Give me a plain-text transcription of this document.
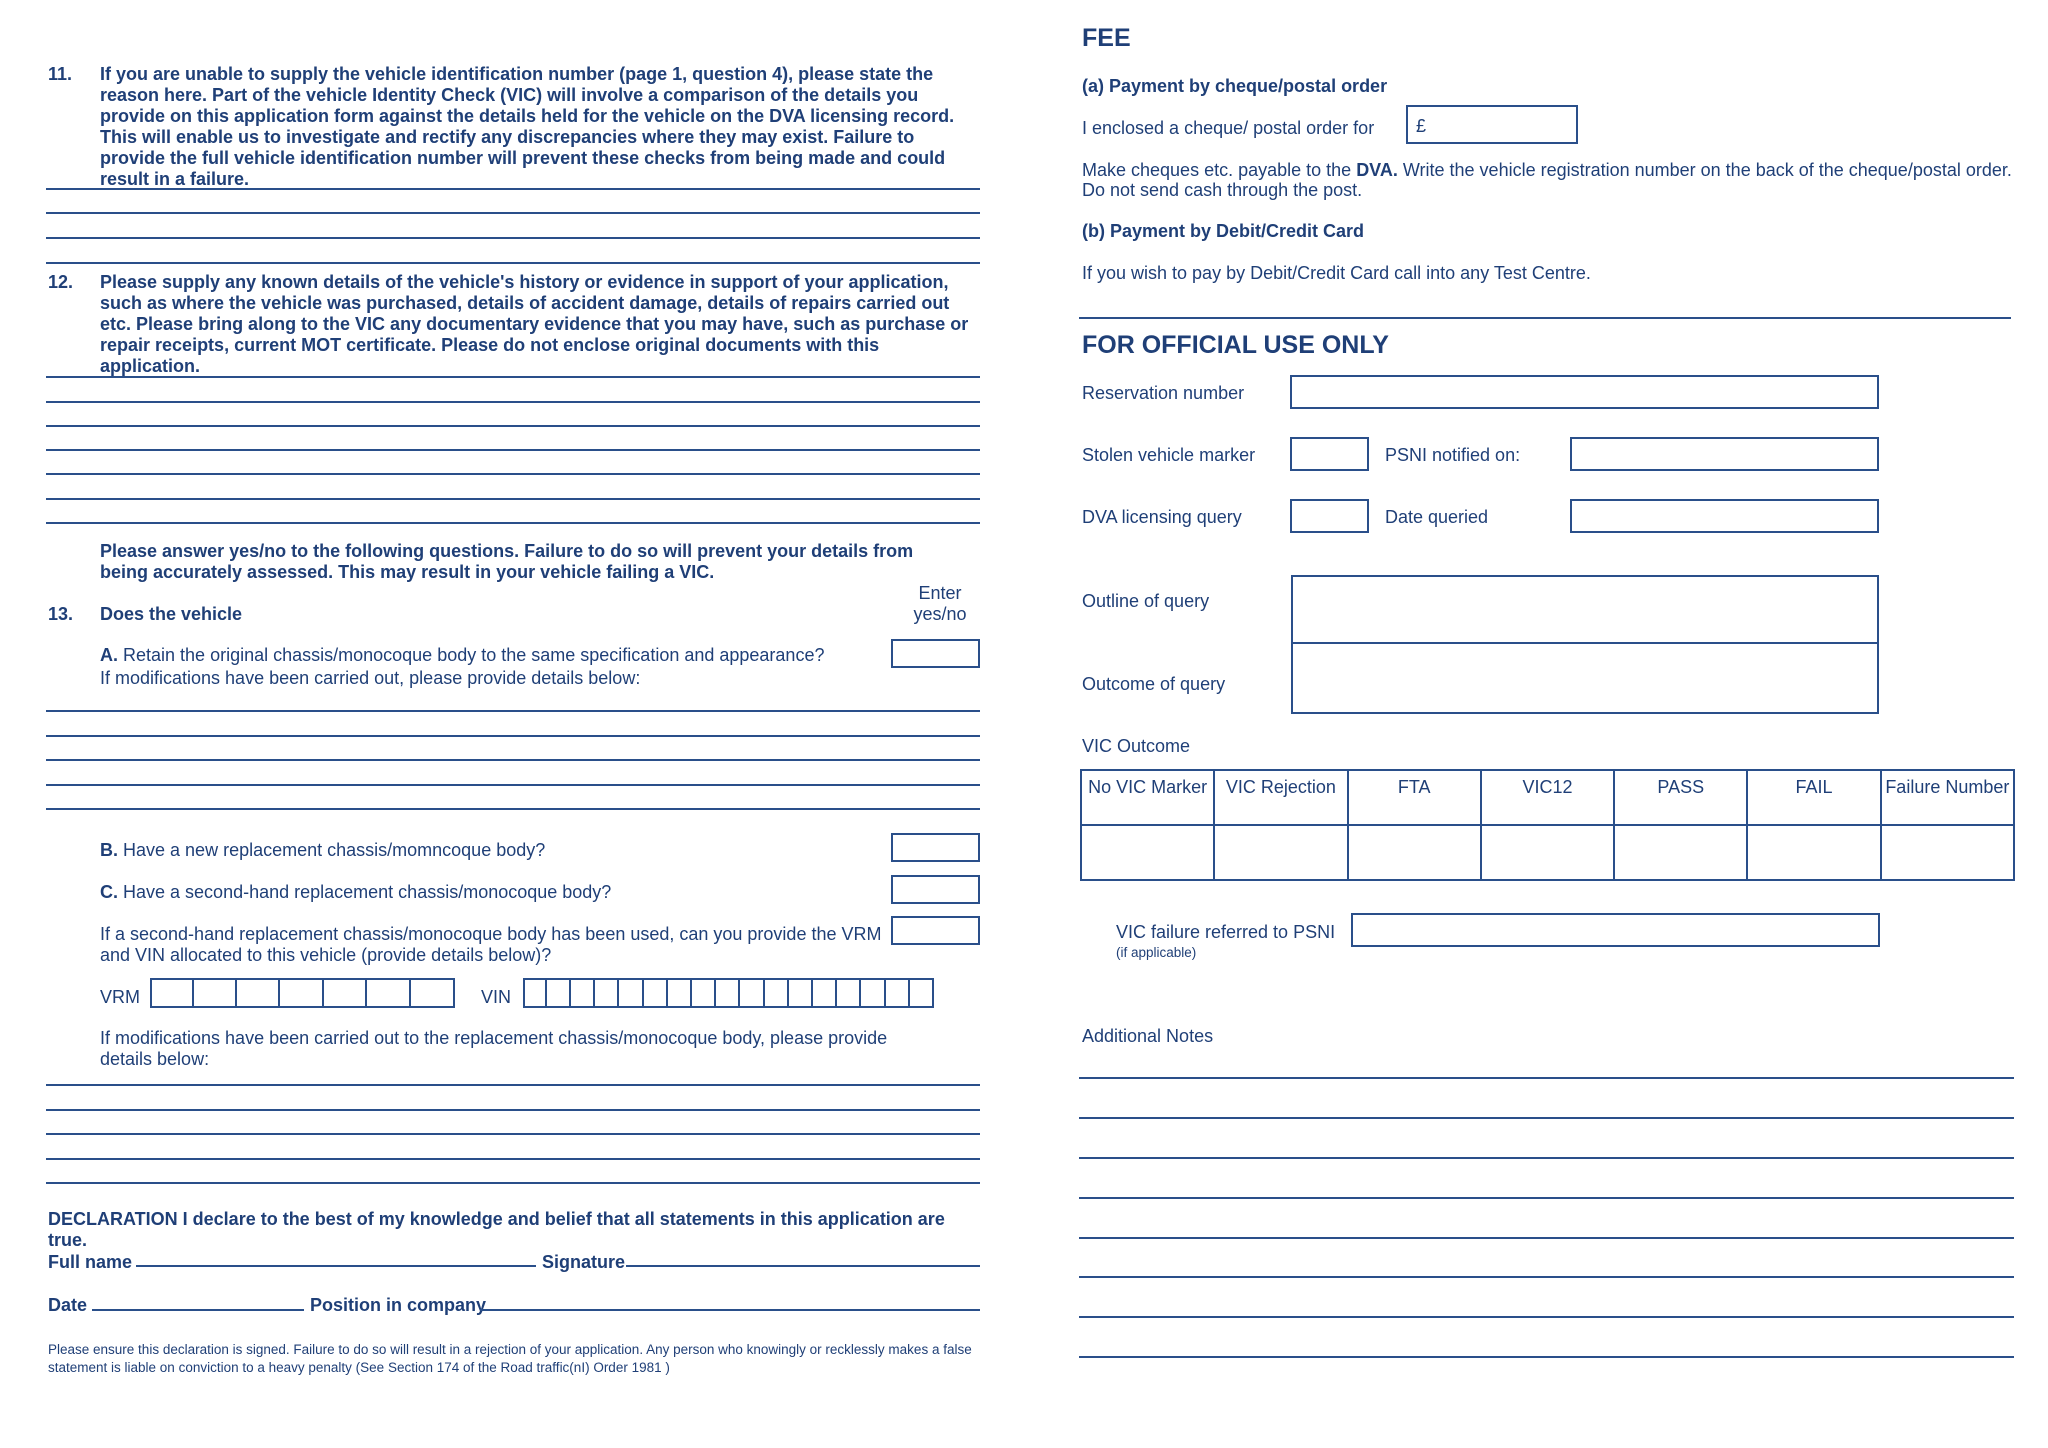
11. If you are unable to supply the vehicle identification number (page 1, question 4), please state the reason here. Part of the vehicle Identity Check (VIC) will involve a comparison of the details you provide on this application form against the details held for the vehicle on the DVA licensing record. This will enable us to investigate and rectify any discrepancies where they may exist. Failure to provide the full vehicle identification number will prevent these checks from being made and could result in a failure.
12. Please supply any known details of the vehicle's history or evidence in support of your application, such as where the vehicle was purchased, details of accident damage, details of repairs carried out etc. Please bring along to the VIC any documentary evidence that you may have, such as purchase or repair receipts, current MOT certificate. Please do not enclose original documents with this application.
Please answer yes/no to the following questions. Failure to do so will prevent your details from being accurately assessed. This may result in your vehicle failing a VIC.
13. Does the vehicle
Enter yes/no
A. Retain the original chassis/monocoque body to the same specification and appearance?
If modifications have been carried out, please provide details below:
B. Have a new replacement chassis/momncoque body?
C. Have a second-hand replacement chassis/monocoque body?
If a second-hand replacement chassis/monocoque body has been used, can you provide the VRM and VIN allocated to this vehicle (provide details below)?
VRM	VIN
If modifications have been carried out to the replacement chassis/monocoque body, please provide details below:
DECLARATION I declare to the best of my knowledge and belief that all statements in this application are true.
Full name	Signature
Date	Position in company
Please ensure this declaration is signed. Failure to do so will result in a rejection of your application. Any person who knowingly or recklessly makes a false statement is liable on conviction to a heavy penalty (See Section 174 of the Road traffic(nI) Order 1981 )
FEE
(a) Payment by cheque/postal order
I enclosed a cheque/ postal order for £
Make cheques etc. payable to the DVA. Write the vehicle registration number on the back of the cheque/postal order.
Do not send cash through the post.
(b) Payment by Debit/Credit Card
If you wish to pay by Debit/Credit Card call into any Test Centre.
FOR OFFICIAL USE ONLY
Reservation number
Stolen vehicle marker	PSNI notified on:
DVA licensing query	Date queried
Outline of query
Outcome of query
VIC Outcome
No VIC Marker	VIC Rejection	FTA	VIC12	PASS	FAIL	Failure Number

VIC failure referred to PSNI
(if applicable)
Additional Notes
